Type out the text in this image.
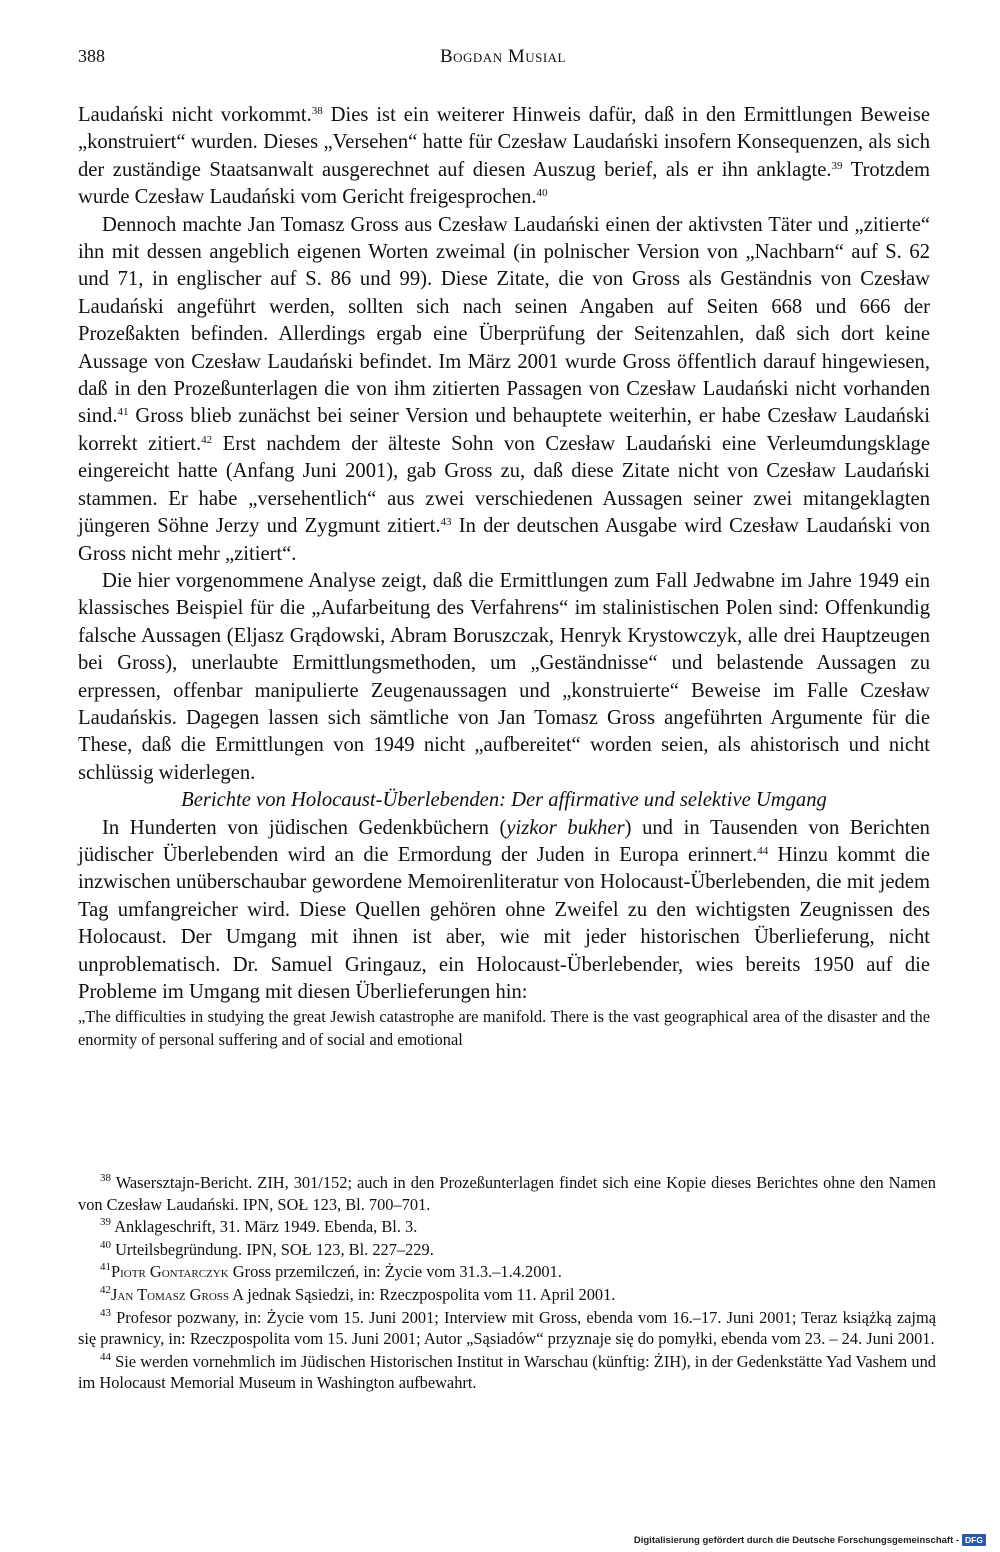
388	Bogdan Musial

Laudański nicht vorkommt.$^{38}$ Dies ist ein weiterer Hinweis dafür, daß in den Ermittlungen Beweise „konstruiert“ wurden. Dieses „Versehen“ hatte für Czesław Laudański insofern Konsequenzen, als sich der zuständige Staatsanwalt ausgerechnet auf diesen Auszug berief, als er ihn anklagte.$^{39}$ Trotzdem wurde Czesław Laudański vom Gericht freigesprochen.$^{40}$

Dennoch machte Jan Tomasz Gross aus Czesław Laudański einen der aktivsten Täter und „zitierte“ ihn mit dessen angeblich eigenen Worten zweimal (in polnischer Version von „Nachbarn“ auf S. 62 und 71, in englischer auf S. 86 und 99). Diese Zitate, die von Gross als Geständnis von Czesław Laudański angeführt werden, sollten sich nach seinen Angaben auf Seiten 668 und 666 der Prozeßakten befinden. Allerdings ergab eine Überprüfung der Seitenzahlen, daß sich dort keine Aussage von Czesław Laudański befindet. Im März 2001 wurde Gross öffentlich darauf hingewiesen, daß in den Prozeßunterlagen die von ihm zitierten Passagen von Czesław Laudański nicht vorhanden sind.$^{41}$ Gross blieb zunächst bei seiner Version und behauptete weiterhin, er habe Czesław Laudański korrekt zitiert.$^{42}$ Erst nachdem der älteste Sohn von Czesław Laudański eine Verleumdungsklage eingereicht hatte (Anfang Juni 2001), gab Gross zu, daß diese Zitate nicht von Czesław Laudański stammen. Er habe „versehentlich“ aus zwei verschiedenen Aussagen seiner zwei mitangeklagten jüngeren Söhne Jerzy und Zygmunt zitiert.$^{43}$ In der deutschen Ausgabe wird Czesław Laudański von Gross nicht mehr „zitiert“.

Die hier vorgenommene Analyse zeigt, daß die Ermittlungen zum Fall Jedwabne im Jahre 1949 ein klassisches Beispiel für die „Aufarbeitung des Verfahrens“ im stalinistischen Polen sind: Offenkundig falsche Aussagen (Eljasz Grądowski, Abram Boruszczak, Henryk Krystowczyk, alle drei Hauptzeugen bei Gross), unerlaubte Ermittlungsmethoden, um „Geständnisse“ und belastende Aussagen zu erpressen, offenbar manipulierte Zeugenaussagen und „konstruierte“ Beweise im Falle Czesław Laudańskis. Dagegen lassen sich sämtliche von Jan Tomasz Gross angeführten Argumente für die These, daß die Ermittlungen von 1949 nicht „aufbereitet“ worden seien, als ahistorisch und nicht schlüssig widerlegen.

Berichte von Holocaust-Überlebenden: Der affirmative und selektive Umgang

In Hunderten von jüdischen Gedenkbüchern (yizkor bukher) und in Tausenden von Berichten jüdischer Überlebenden wird an die Ermordung der Juden in Europa erinnert.$^{44}$ Hinzu kommt die inzwischen unüberschaubar gewordene Memoirenliteratur von Holocaust-Überlebenden, die mit jedem Tag umfangreicher wird. Diese Quellen gehören ohne Zweifel zu den wichtigsten Zeugnissen des Holocaust. Der Umgang mit ihnen ist aber, wie mit jeder historischen Überlieferung, nicht unproblematisch. Dr. Samuel Gringauz, ein Holocaust-Überlebender, wies bereits 1950 auf die Probleme im Umgang mit diesen Überlieferungen hin:

„The difficulties in studying the great Jewish catastrophe are manifold. There is the vast geographical area of the disaster and the enormity of personal suffering and of social and emotional

$^{38}$ Wasersztajn-Bericht. ZIH, 301/152; auch in den Prozeßunterlagen findet sich eine Kopie dieses Berichtes ohne den Namen von Czesław Laudański. IPN, SOŁ 123, Bl. 700–701.

$^{39}$ Anklageschrift, 31. März 1949. Ebenda, Bl. 3.

$^{40}$ Urteilsbegründung. IPN, SOŁ 123, Bl. 227–229.

$^{41}$Piotr Gontarczyk Gross przemilczeń, in: Życie vom 31.3.–1.4.2001.

$^{42}$Jan Tomasz Gross A jednak Sąsiedzi, in: Rzeczpospolita vom 11. April 2001.

$^{43}$ Profesor pozwany, in: Życie vom 15. Juni 2001; Interview mit Gross, ebenda vom 16.–17. Juni 2001; Teraz książką zajmą się prawnicy, in: Rzeczpospolita vom 15. Juni 2001; Autor „Sąsiadów“ przyznaje się do pomyłki, ebenda vom 23. – 24. Juni 2001.

$^{44}$ Sie werden vornehmlich im Jüdischen Historischen Institut in Warschau (künftig: ŻIH), in der Gedenkstätte Yad Vashem und im Holocaust Memorial Museum in Washington aufbewahrt.

Digitalisierung gefördert durch die Deutsche Forschungsgemeinschaft - DFG
